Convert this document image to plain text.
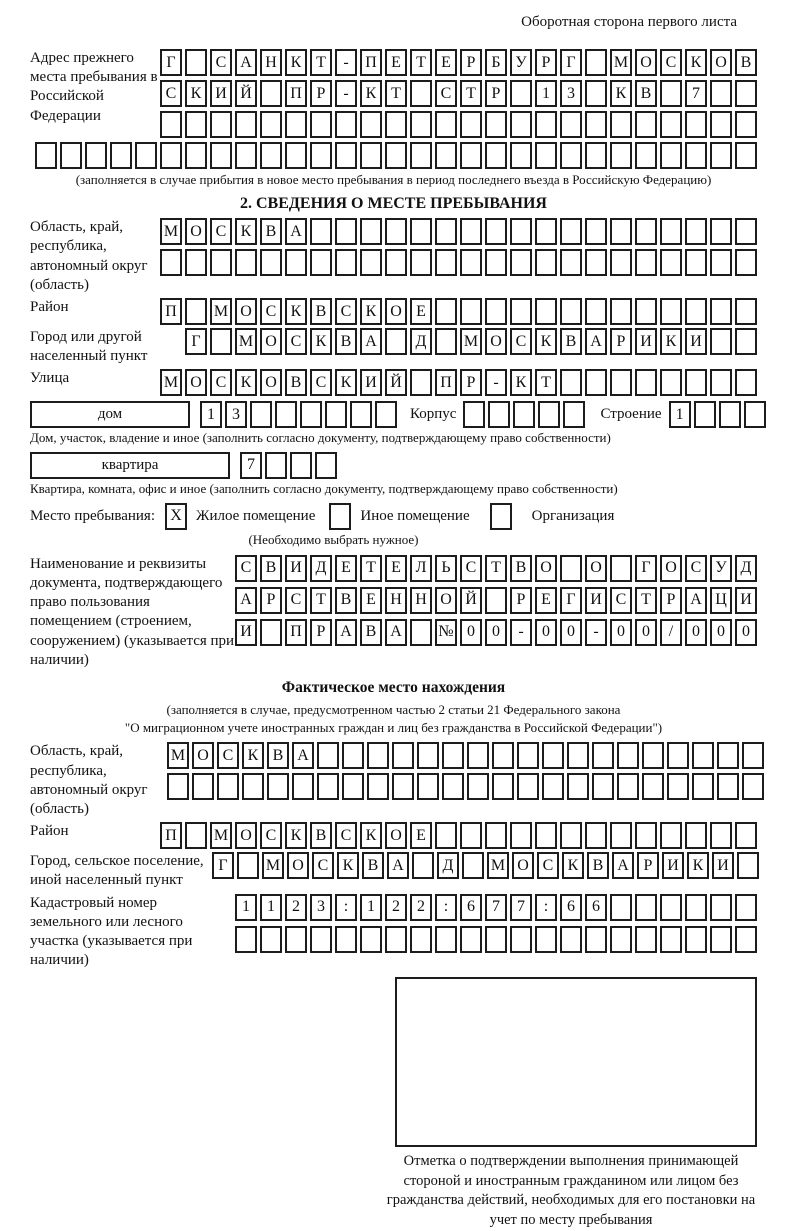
Оборотная сторона первого листа
Адрес прежнего места пребывания в Российской Федерации
Г	С А Н К Т	-	П Е Т Е Р Б У Р Г	М О С К О В
С К И Й	П Р	-	К Т	С Т Р	1	3	К В	7
(заполняется в случае прибытия в новое место пребывания в период последнего въезда в Российскую Федерацию)
2. СВЕДЕНИЯ О МЕСТЕ ПРЕБЫВАНИЯ
Область, край, республика, автономный округ (область)
М О С К В А
Район	П	М О С К В С К О Е
Город или другой населенный пункт
Г	М О С К В А	Д	М О С К В А Р И К И
Улица	М О С К О В С К И Й	П Р	-	К Т
дом	1	3	Корпус	Строение 1
Дом, участок, владение и иное (заполнить согласно документу, подтверждающему право собственности)
квартира	7
Квартира, комната, офис и иное (заполнить согласно документу, подтверждающему право собственности)
Место пребывания: X Жилое помещение	Иное помещение	Организация
(Необходимо выбрать нужное)
Наименование и реквизиты документа, подтверждающего право пользования помещением (строением, сооружением) (указывается при наличии)
С В И Д Е Т Е Л Ь С Т В О	О	Г О С У Д
А Р С Т В Е Н Н О Й	Р Е Г И С Т Р А Ц И
И	П Р А В А	№ 0	0	-	0	0	-	0	0	/	0	0	0
Фактическое место нахождения
(заполняется в случае, предусмотренном частью 2 статьи 21 Федерального закона
"О миграционном учете иностранных граждан и лиц без гражданства в Российской Федерации")
Область, край, республика, автономный округ (область)
М О С К В А
Район	П	М О С К В С К О Е
Город, сельское поселение, иной населенный пункт
Г	М О С К В А	Д	М О С К В А Р И К И
Кадастровый номер земельного или лесного участка (указывается при наличии)
1	1	2	3	:	1	2	2	:	6	7	7	:	6	6
Отметка о подтверждении выполнения принимающей стороной и иностранным гражданином или лицом без гражданства действий, необходимых для его постановки на учет по месту пребывания
